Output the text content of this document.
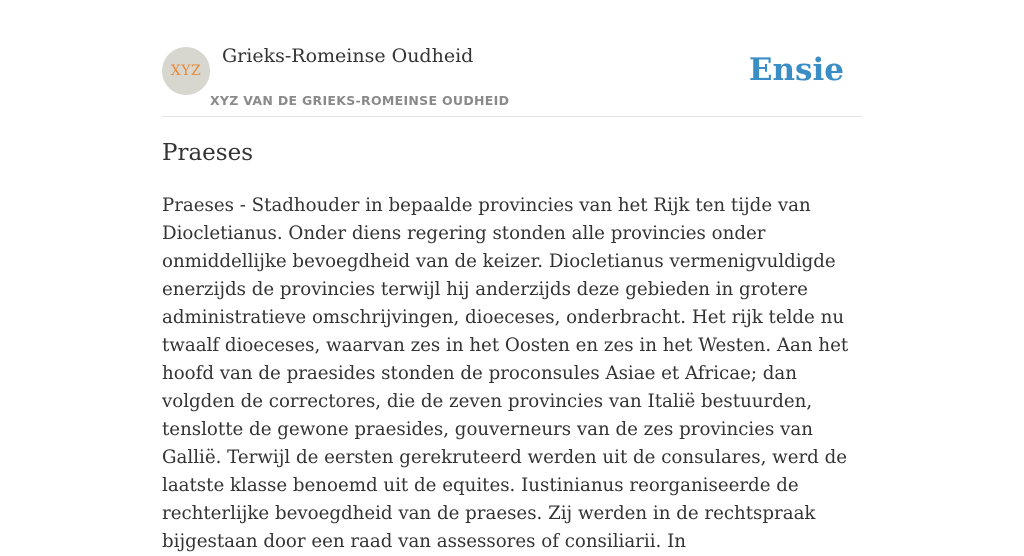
XYZ
Grieks-Romeinse Oudheid
XYZ VAN DE GRIEKS-ROMEINSE OUDHEID
Ensie
Praeses

Praeses - Stadhouder in bepaalde provincies van het Rijk ten tijde van Diocletianus. Onder diens regering stonden alle provincies onder onmiddellijke bevoegdheid van de keizer. Diocletianus vermenigvuldigde enerzijds de provincies terwijl hij anderzijds deze gebieden in grotere administratieve omschrijvingen, dioeceses, onderbracht. Het rijk telde nu twaalf dioeceses, waarvan zes in het Oosten en zes in het Westen. Aan het hoofd van de praesides stonden de proconsules Asiae et Africae; dan volgden de correctores, die de zeven provincies van Italië bestuurden, tenslotte de gewone praesides, gouverneurs van de zes provincies van Gallië. Terwijl de eersten gerekruteerd werden uit de consulares, werd de laatste klasse benoemd uit de equites. Iustinianus reorganiseerde de rechterlijke bevoegdheid van de praeses. Zij werden in de rechtspraak bijgestaan door een raad van assessores of consiliarii. In
